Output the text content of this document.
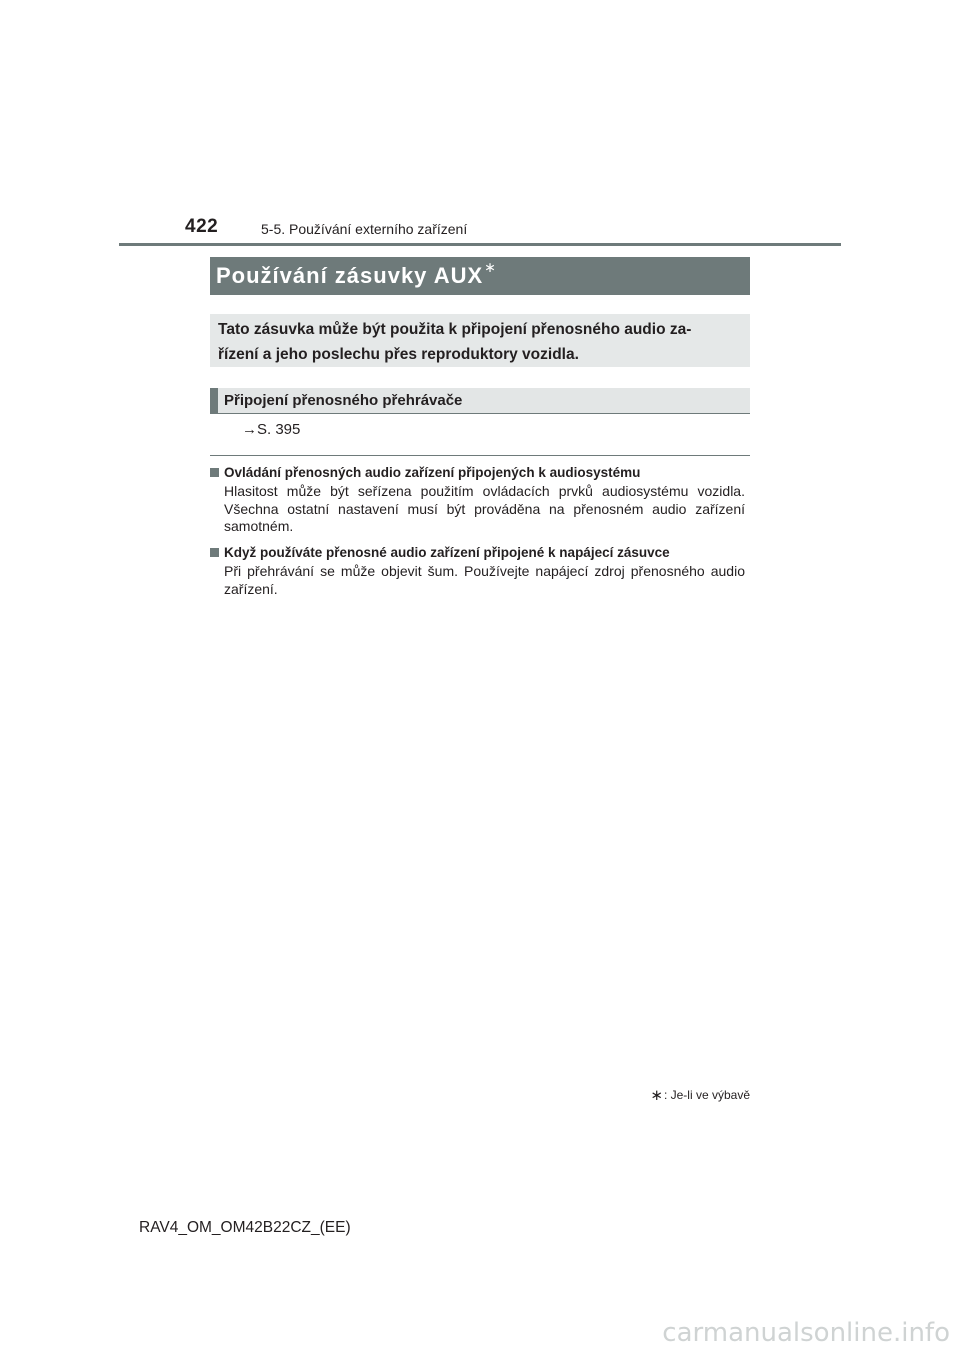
422	5-5. Používání externího zařízení
Používání zásuvky AUX ∗
Tato zásuvka může být použita k připojení přenosného audio za-
řízení a jeho poslechu přes reproduktory vozidla.
Připojení přenosného přehrávače
→S. 395
Ovládání přenosných audio zařízení připojených k audiosystému
Hlasitost může být seřízena použitím ovládacích prvků audiosystému vozidla. Všechna ostatní nastavení musí být prováděna na přenosném audio zařízení samotném.
Když používáte přenosné audio zařízení připojené k napájecí zásuvce
Při přehrávání se může objevit šum. Používejte napájecí zdroj přenosného audio zařízení.
∗ : Je-li ve výbavě
RAV4_OM_OM42B22CZ_(EE)
carmanualsonline.info
